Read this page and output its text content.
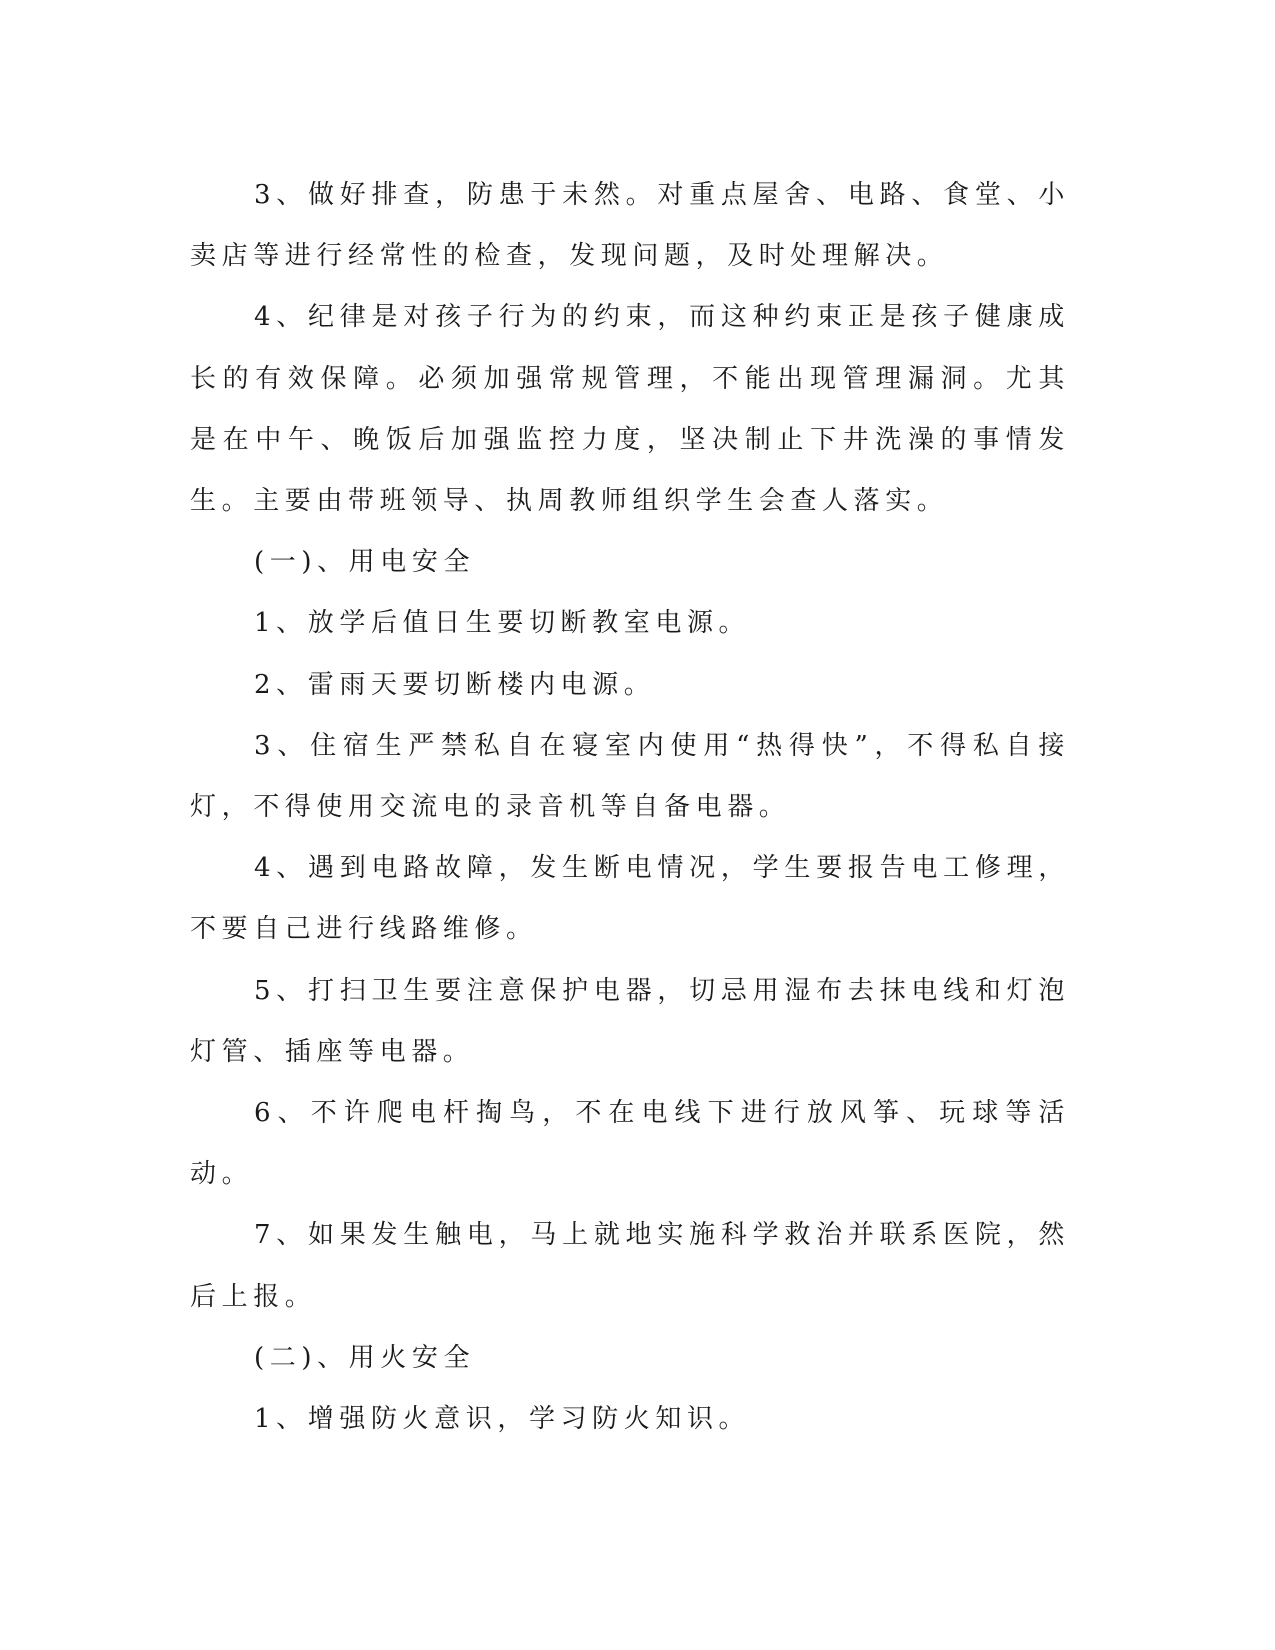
3、做好排查，防患于未然。对重点屋舍、电路、食堂、小卖店等进行经常性的检查，发现问题，及时处理解决。

4、纪律是对孩子行为的约束，而这种约束正是孩子健康成长的有效保障。必须加强常规管理，不能出现管理漏洞。尤其是在中午、晚饭后加强监控力度，坚决制止下井洗澡的事情发生。主要由带班领导、执周教师组织学生会查人落实。

(一)、用电安全

1、放学后值日生要切断教室电源。

2、雷雨天要切断楼内电源。

3、住宿生严禁私自在寝室内使用“热得快”，不得私自接灯，不得使用交流电的录音机等自备电器。

4、遇到电路故障，发生断电情况，学生要报告电工修理，不要自己进行线路维修。

5、打扫卫生要注意保护电器，切忌用湿布去抹电线和灯泡灯管、插座等电器。

6、不许爬电杆掏鸟，不在电线下进行放风筝、玩球等活动。

7、如果发生触电，马上就地实施科学救治并联系医院，然后上报。

(二)、用火安全

1、增强防火意识，学习防火知识。
